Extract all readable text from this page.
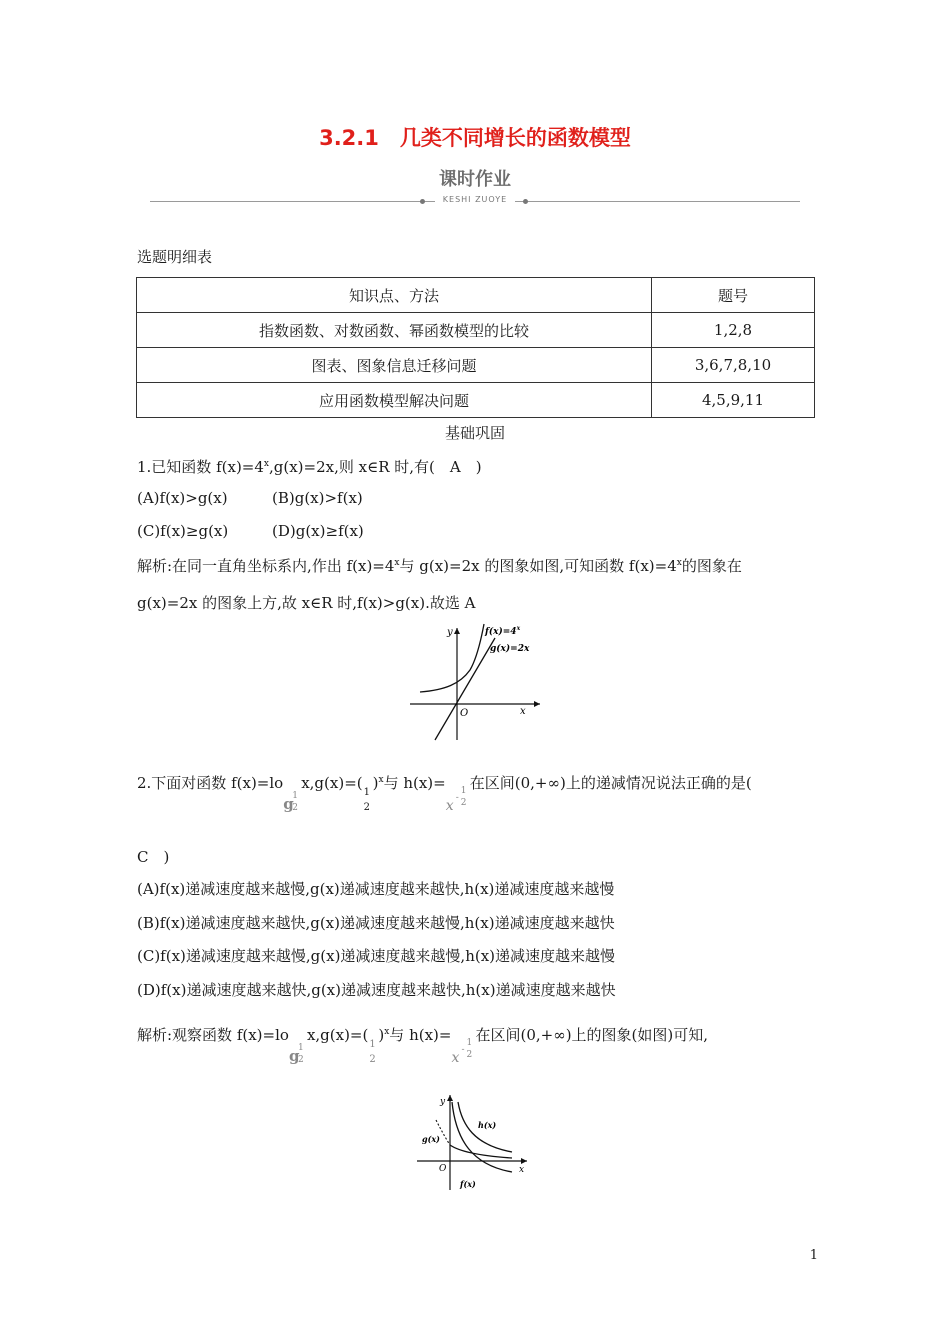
3.2.1　几类不同增长的函数模型
课时作业
KESHI ZUOYE
选题明细表
知识点、方法	题号
指数函数、对数函数、幂函数模型的比较	1,2,8
图表、图象信息迁移问题	3,6,7,8,10
应用函数模型解决问题	4,5,9,11
基础巩固
1.已知函数 $f(x)=4^x,g(x)=2x$,则 x∈R 时,有(　A　)
(A)f(x)>g(x)	(B)g(x)>f(x)
(C)f(x)≥g(x)	(D)g(x)≥f(x)
解析:在同一直角坐标系内,作出 $f(x)=4^x$与 g(x)=2x 的图象如图,可知函数 $f(x)=4^x$的图象在
g(x)=2x 的图象上方,故 x∈R 时,f(x)>g(x).故选 A
y
x
O
$f(x)=4^x$
g(x)=2x
2.下面对函数 f(x)=lo
g
1
2
x,g(x)=(
1
2
)$^x$与 h(x)=
x -
1
2
在区间(0,+∞)上的递减情况说法正确的是(
C　)
(A)f(x)递减速度越来越慢,g(x)递减速度越来越快,h(x)递减速度越来越慢
(B)f(x)递减速度越来越快,g(x)递减速度越来越慢,h(x)递减速度越来越快
(C)f(x)递减速度越来越慢,g(x)递减速度越来越慢,h(x)递减速度越来越慢
(D)f(x)递减速度越来越快,g(x)递减速度越来越快,h(x)递减速度越来越快
解析:观察函数 f(x)=lo
g
1
2
x,g(x)=(
1
2
)$^x$与 h(x)=
x -
1
2
在区间(0,+∞)上的图象(如图)可知,
y
x
O
h(x)
g(x)
f(x)
1
